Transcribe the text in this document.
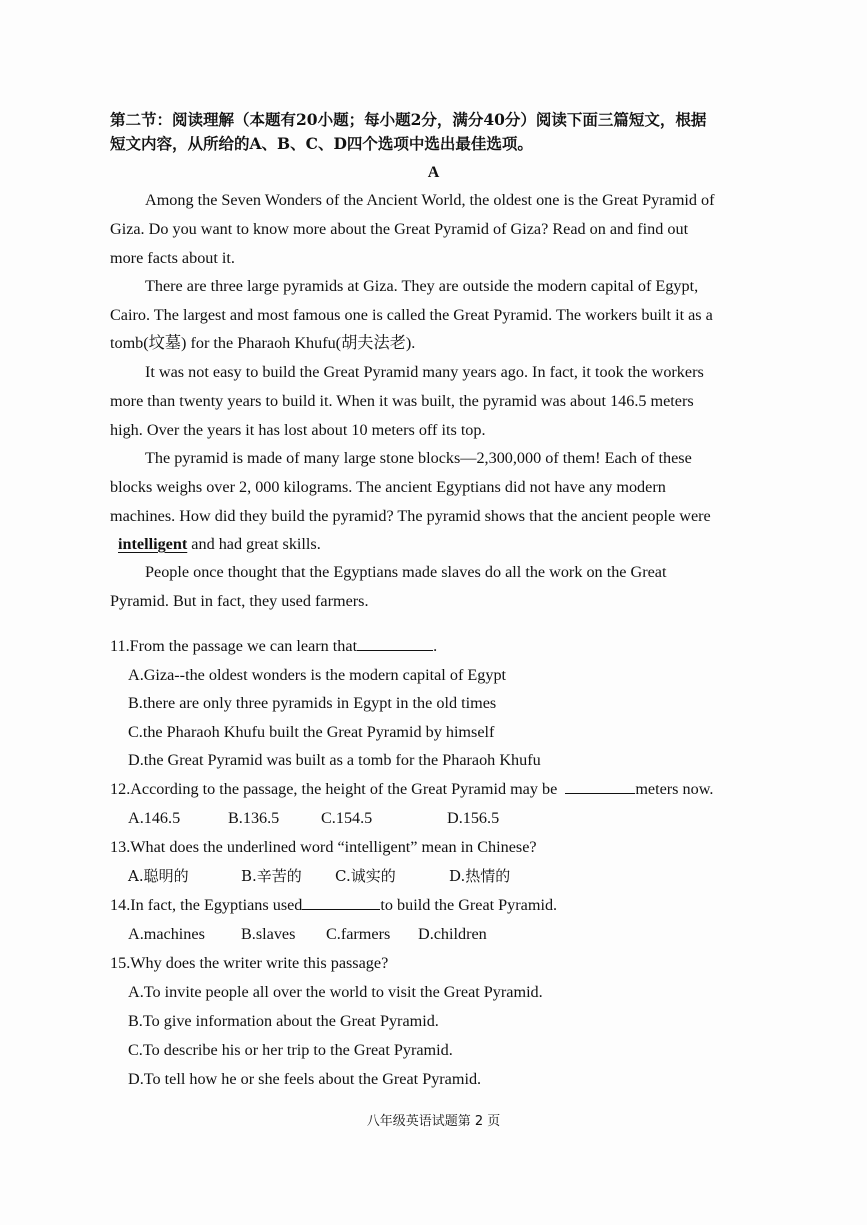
第二节：阅读理解（本题有20小题；每小题2分，满分40分）阅读下面三篇短文，根据
短文内容，从所给的A、B、C、D四个选项中选出最佳选项。
A
Among the Seven Wonders of the Ancient World, the oldest one is the Great Pyramid of
Giza. Do you want to know more about the Great Pyramid of Giza? Read on and find out
more facts about it.
There are three large pyramids at Giza. They are outside the modern capital of Egypt,
Cairo. The largest and most famous one is called the Great Pyramid. The workers built it as a
tomb(坟墓) for the Pharaoh Khufu(胡夫法老).
It was not easy to build the Great Pyramid many years ago. In fact, it took the workers
more than twenty years to build it. When it was built, the pyramid was about 146.5 meters
high. Over the years it has lost about 10 meters off its top.
The pyramid is made of many large stone blocks—2,300,000 of them! Each of these
blocks weighs over 2, 000 kilograms. The ancient Egyptians did not have any modern
machines. How did they build the pyramid? The pyramid shows that the ancient people were
intelligent and had great skills.
People once thought that the Egyptians made slaves do all the work on the Great
Pyramid. But in fact, they used farmers.
11.From the passage we can learn that	.
A.Giza--the oldest wonders is the modern capital of Egypt
B.there are only three pyramids in Egypt in the old times
C.the Pharaoh Khufu built the Great Pyramid by himself
D.the Great Pyramid was built as a tomb for the Pharaoh Khufu
12.According to the passage, the height of the Great Pyramid may be	meters now.
A.146.5	B.136.5	C.154.5	D.156.5
13.What does the underlined word “intelligent” mean in Chinese?
A.聪明的	B.辛苦的 C.诚实的	D.热情的
14.In fact, the Egyptians used	to build the Great Pyramid.
A.machines B.slaves C.farmers D.children
15.Why does the writer write this passage?
A.To invite people all over the world to visit the Great Pyramid.
B.To give information about the Great Pyramid.
C.To describe his or her trip to the Great Pyramid.
D.To tell how he or she feels about the Great Pyramid.
八年级英语试题第 2 页
